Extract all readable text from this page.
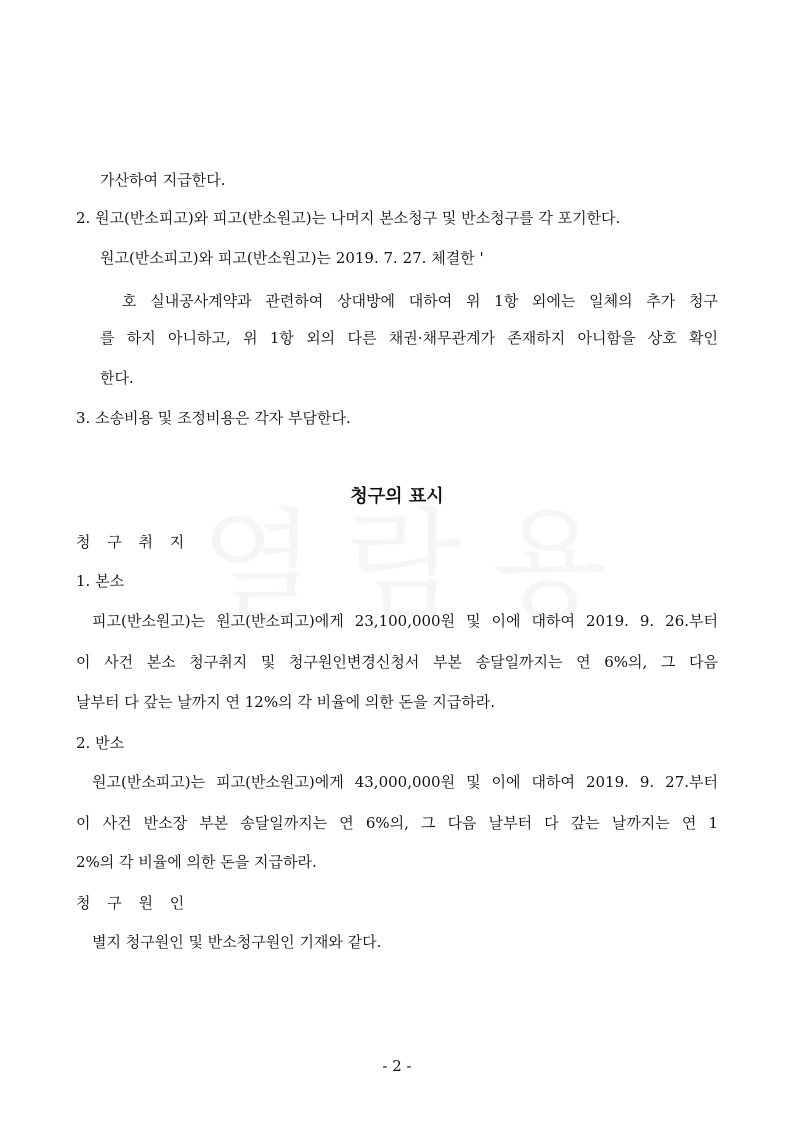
가산하여 지급한다.
2. 원고(반소피고)와 피고(반소원고)는 나머지 본소청구 및 반소청구를 각 포기한다.
원고(반소피고)와 피고(반소원고)는 2019. 7. 27. 체결한 '
호 실내공사계약과 관련하여 상대방에 대하여 위 1항 외에는 일체의 추가 청구
를 하지 아니하고, 위 1항 외의 다른 채권·채무관계가 존재하지 아니함을 상호 확인
한다.
3. 소송비용 및 조정비용은 각자 부담한다.
청구의 표시
청 구 취 지
1. 본소
피고(반소원고)는 원고(반소피고)에게 23,100,000원 및 이에 대하여 2019. 9. 26.부터
이 사건 본소 청구취지 및 청구원인변경신청서 부본 송달일까지는 연 6%의, 그 다음
날부터 다 갚는 날까지 연 12%의 각 비율에 의한 돈을 지급하라.
2. 반소
원고(반소피고)는 피고(반소원고)에게 43,000,000원 및 이에 대하여 2019. 9. 27.부터
이 사건 반소장 부본 송달일까지는 연 6%의, 그 다음 날부터 다 갚는 날까지는 연 1
2%의 각 비율에 의한 돈을 지급하라.
청 구 원 인
별지 청구원인 및 반소청구원인 기재와 같다.
- 2 -
